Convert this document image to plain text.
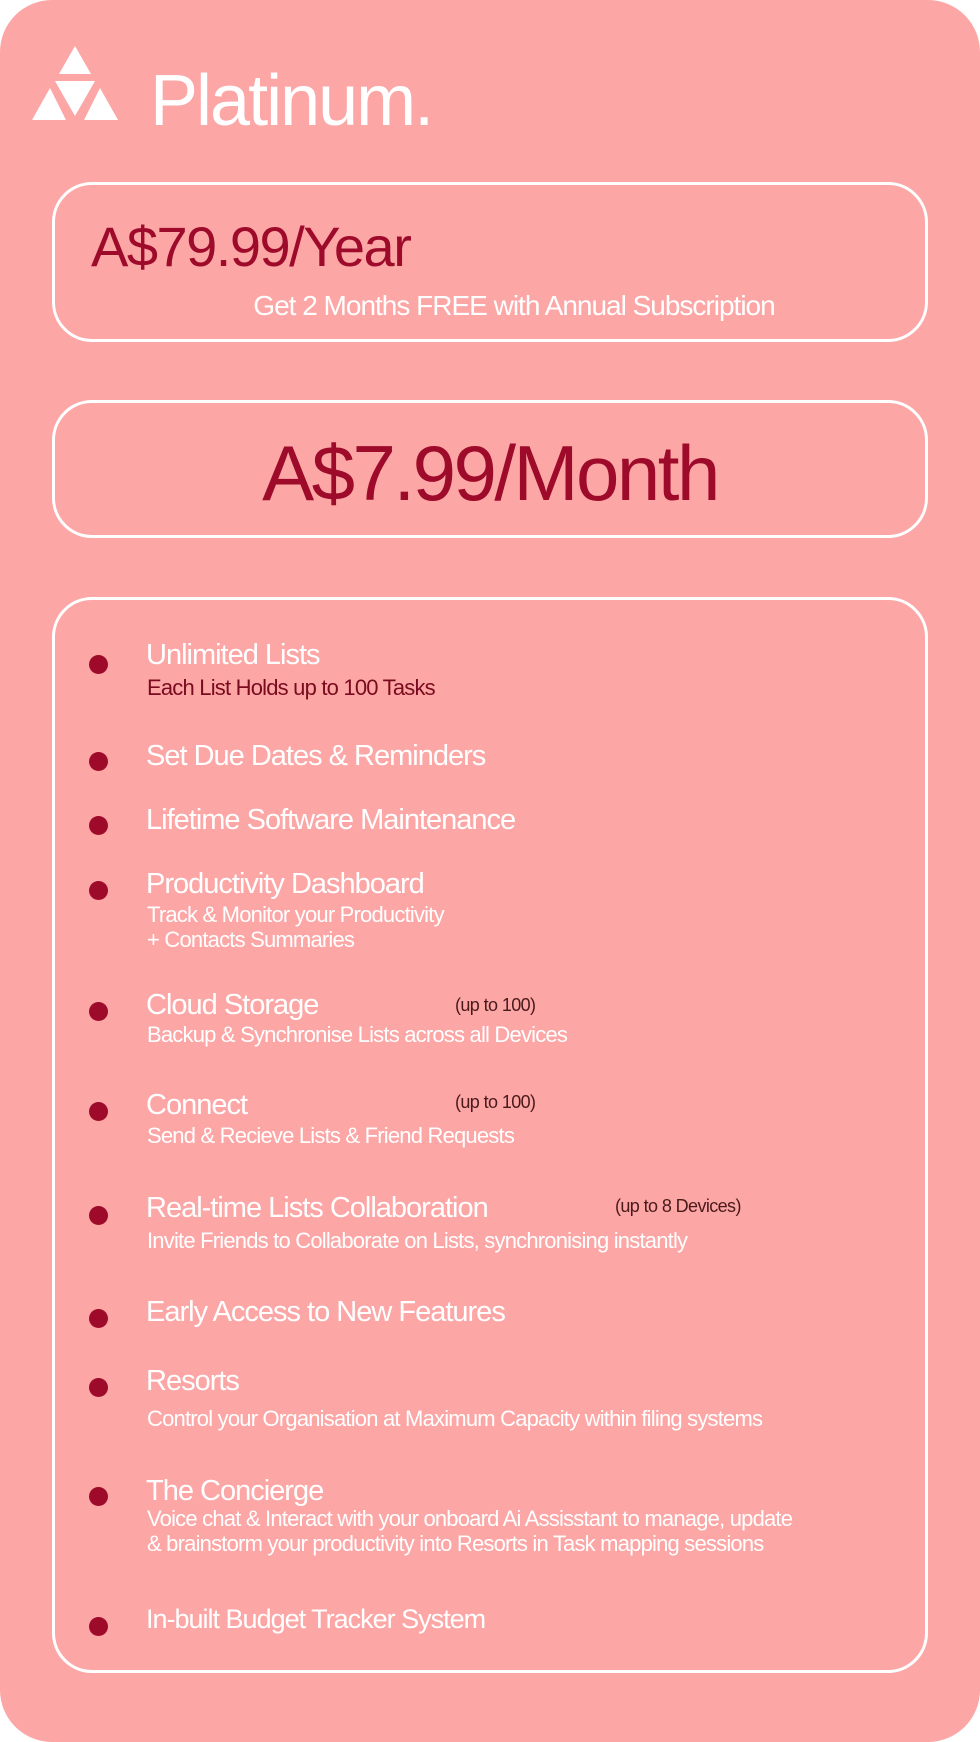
Platinum.
A$79.99/Year
Get 2 Months FREE with Annual Subscription
A$7.99/Month
Unlimited Lists
Each List Holds up to 100 Tasks
Set Due Dates & Reminders
Lifetime Software Maintenance
Productivity Dashboard
Track & Monitor your Productivity
+ Contacts Summaries
Cloud Storage	(up to 100)
Backup & Synchronise Lists across all Devices
Connect	(up to 100)
Send & Recieve Lists & Friend Requests
Real-time Lists Collaboration	(up to 8 Devices)
Invite Friends to Collaborate on Lists, synchronising instantly
Early Access to New Features
Resorts
Control your Organisation at Maximum Capacity within filing systems
The Concierge
Voice chat & Interact with your onboard Ai Assisstant to manage, update
& brainstorm your productivity into Resorts in Task mapping sessions
In-built Budget Tracker System
